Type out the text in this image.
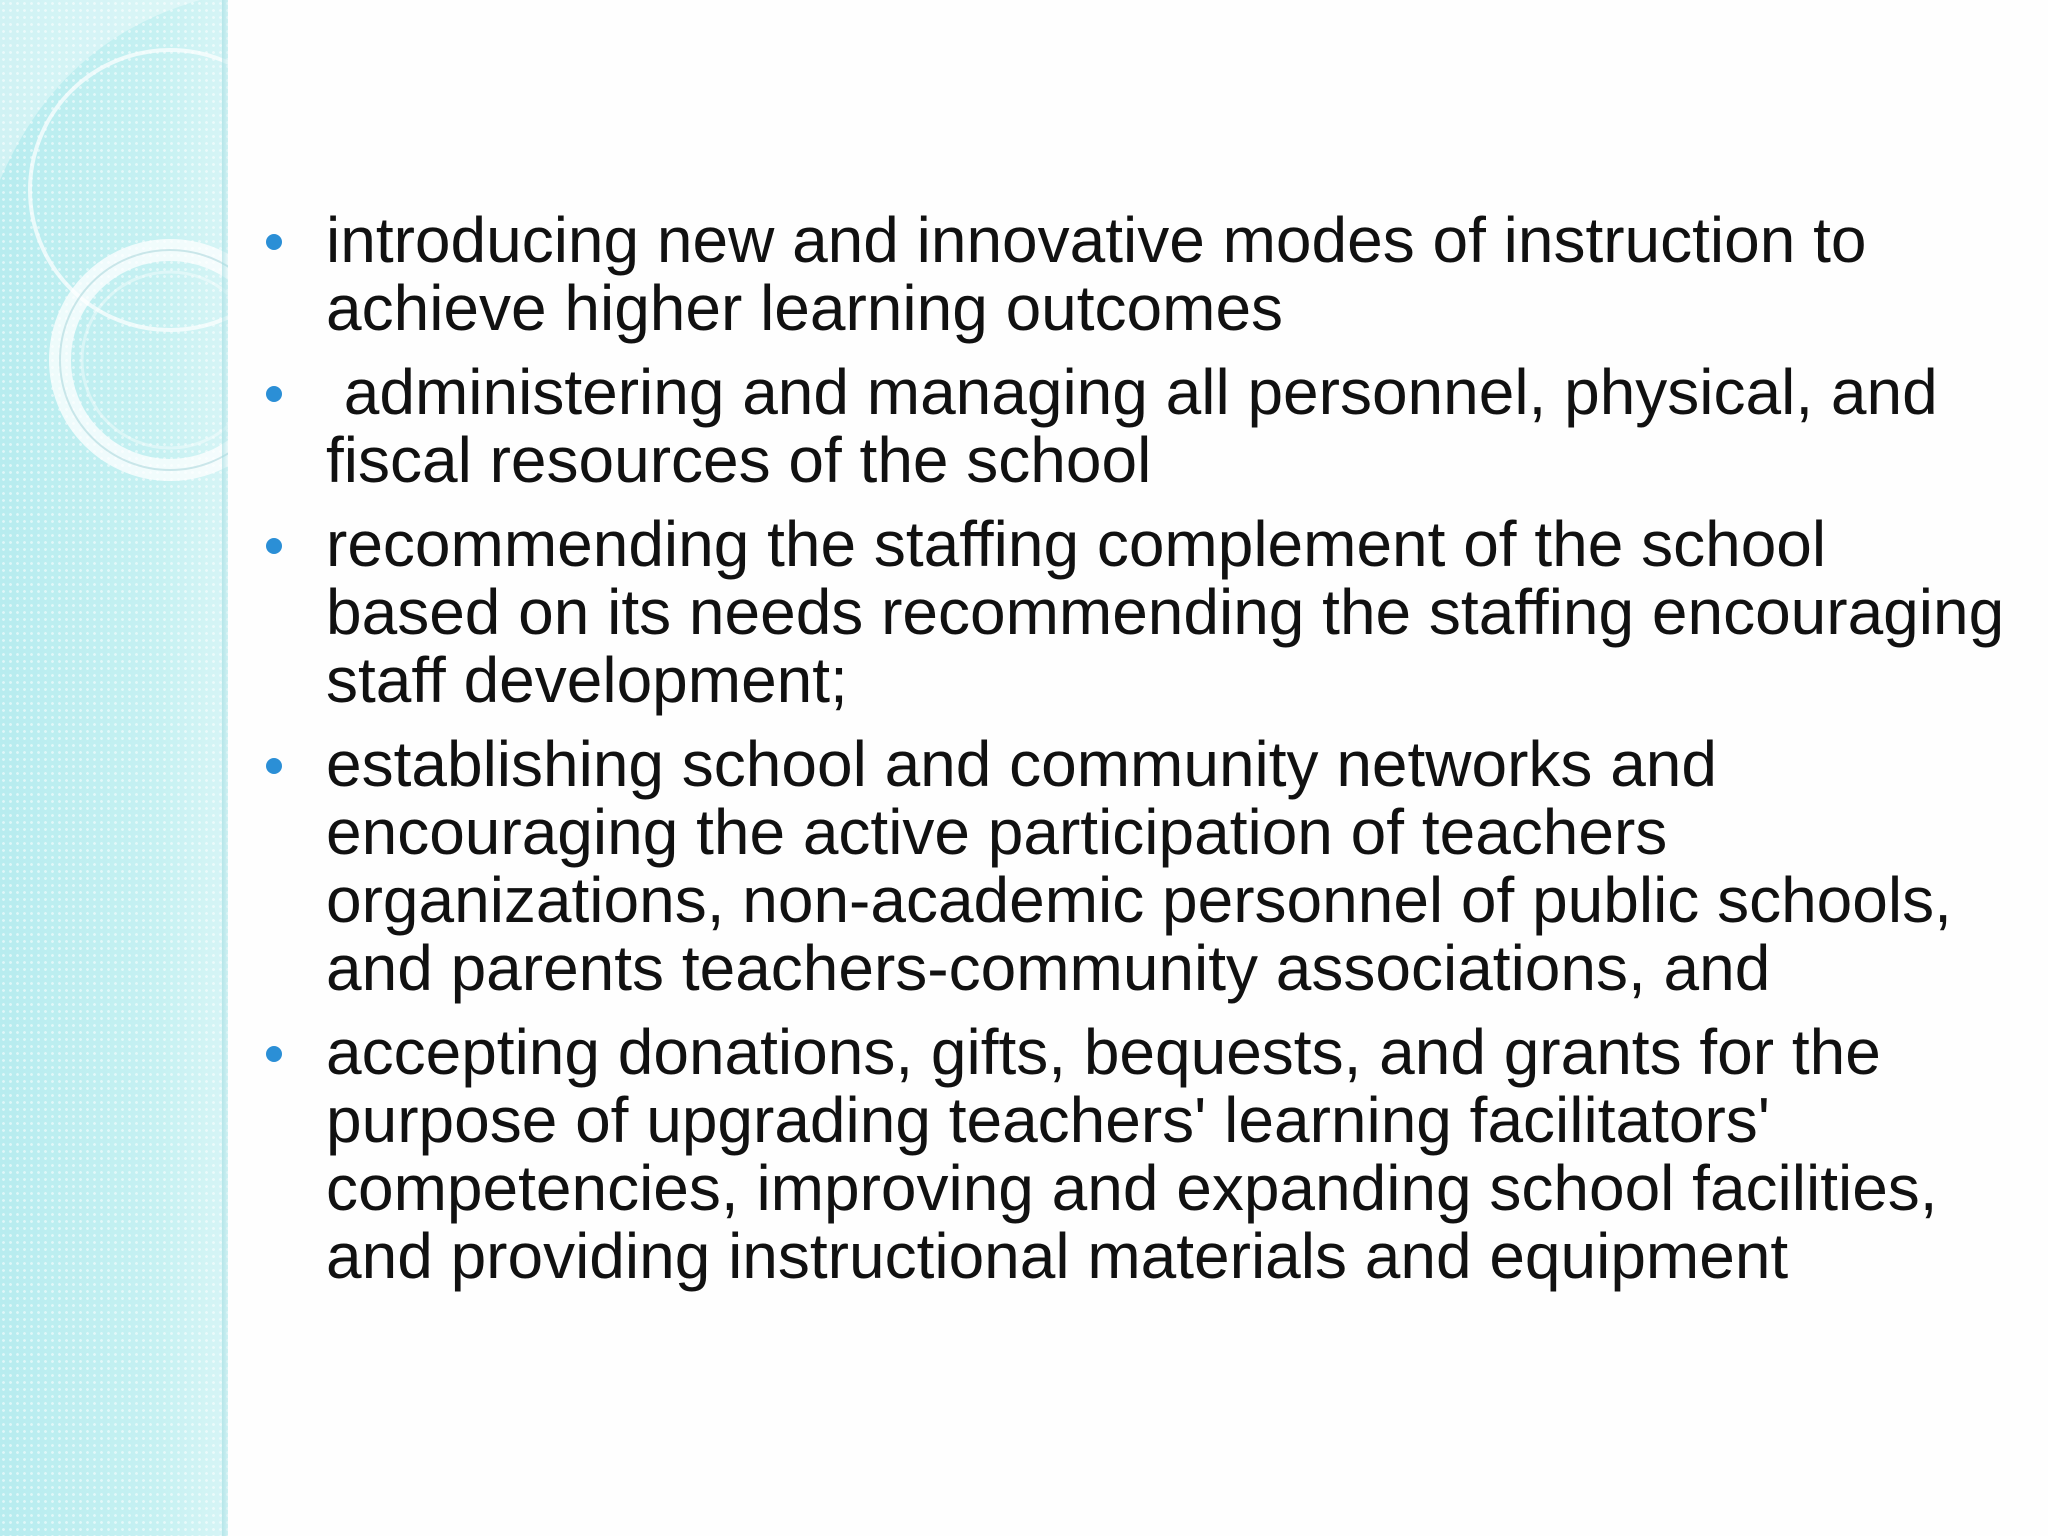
introducing new and innovative modes of instruction to achieve higher learning outcomes
administering and managing all personnel, physical, and fiscal resources of the school
recommending the staffing complement of the school based on its needs recommending the staffing encouraging staff development;
establishing school and community networks and encouraging the active participation of teachers organizations, non-academic personnel of public schools, and parents teachers-community associations, and
accepting donations, gifts, bequests, and grants for the purpose of upgrading teachers' learning facilitators' competencies, improving and expanding school facilities, and providing instructional materials and equipment
